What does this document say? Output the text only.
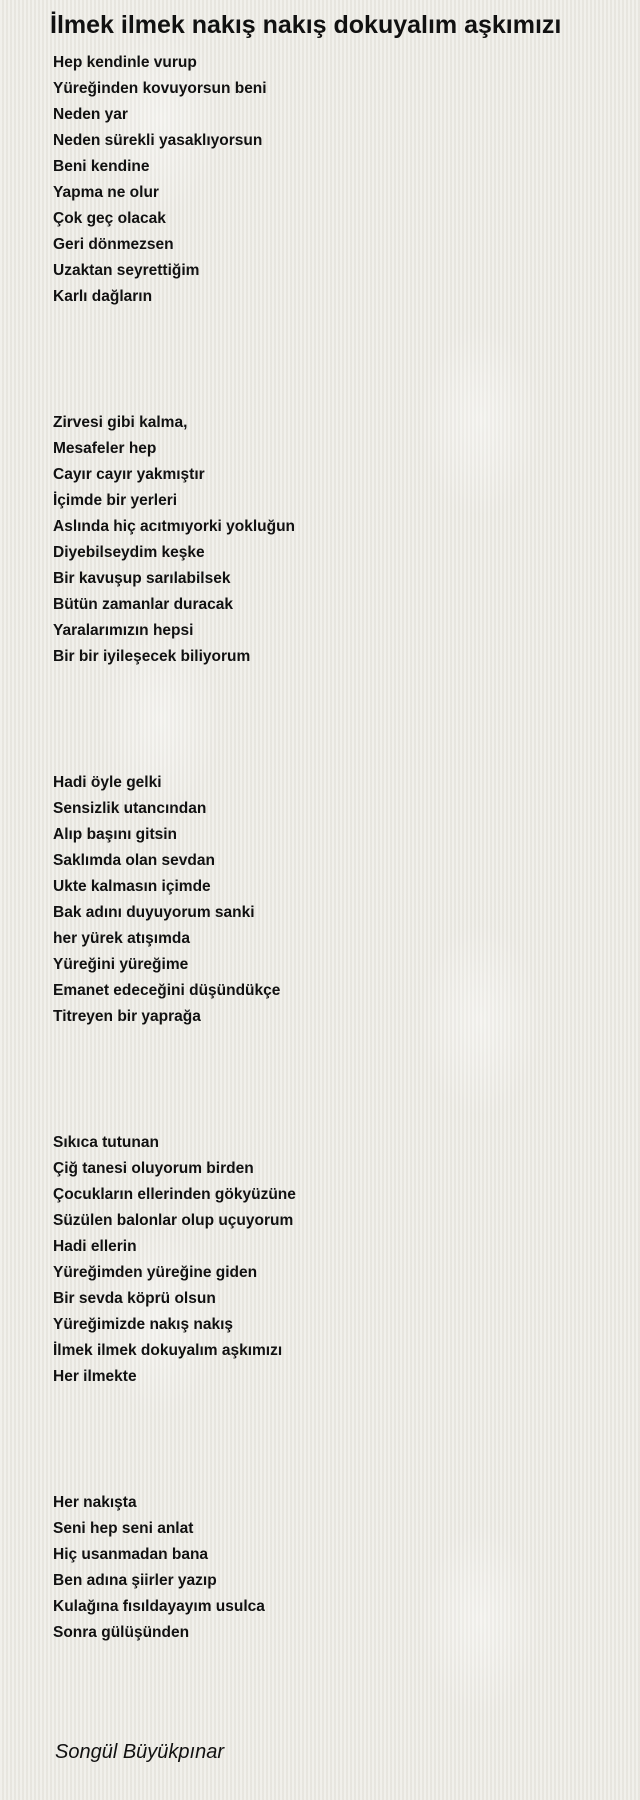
İlmek ilmek nakış nakış dokuyalım aşkımızı
Hep kendinle vurup
Yüreğinden kovuyorsun beni
Neden yar
Neden sürekli yasaklıyorsun
Beni kendine
Yapma ne olur
Çok geç olacak
Geri dönmezsen
Uzaktan seyrettiğim
Karlı dağların
Zirvesi gibi kalma,
Mesafeler hep
Cayır cayır yakmıştır
İçimde bir yerleri
Aslında hiç acıtmıyorki yokluğun
Diyebilseydim keşke
Bir kavuşup sarılabilsek
Bütün zamanlar duracak
Yaralarımızın hepsi
Bir bir iyileşecek biliyorum
Hadi öyle gelki
Sensizlik utancından
Alıp başını gitsin
Saklımda olan sevdan
Ukte kalmasın içimde
Bak adını duyuyorum sanki
her yürek atışımda
Yüreğini yüreğime
Emanet edeceğini düşündükçe
Titreyen bir yaprağa
Sıkıca tutunan
Çiğ tanesi oluyorum birden
Çocukların ellerinden gökyüzüne
Süzülen balonlar olup uçuyorum
Hadi ellerin
Yüreğimden yüreğine giden
Bir sevda köprü olsun
Yüreğimizde nakış nakış
İlmek ilmek dokuyalım aşkımızı
Her ilmekte
Her nakışta
Seni hep seni anlat
Hiç usanmadan bana
Ben adına şiirler yazıp
Kulağına fısıldayayım usulca
Sonra gülüşünden
Songül Büyükpınar
